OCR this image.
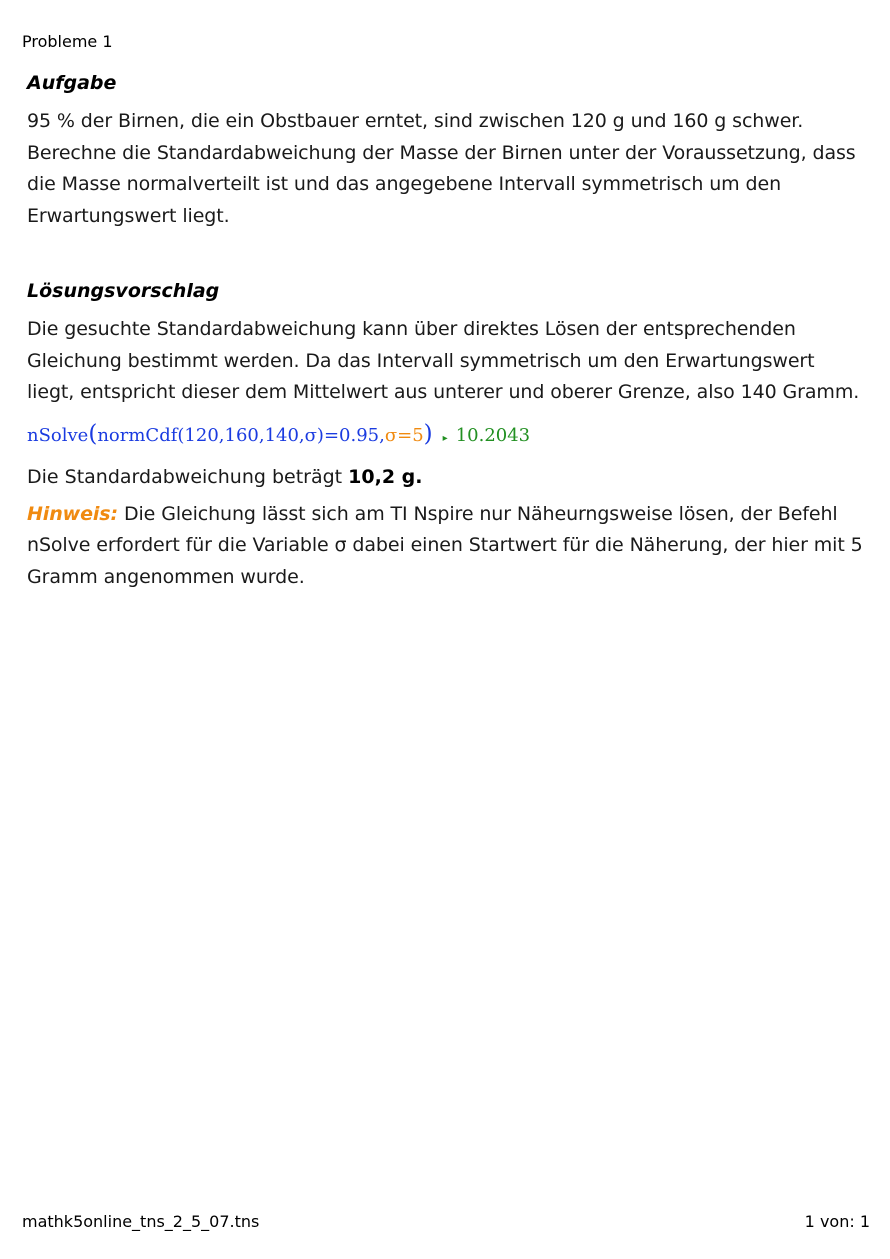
Probleme 1
Aufgabe

95 % der Birnen, die ein Obstbauer erntet, sind zwischen 120 g und 160 g schwer. Berechne die Standardabweichung der Masse der Birnen unter der Voraussetzung, dass die Masse normalverteilt ist und das angegebene Intervall symmetrisch um den Erwartungswert liegt.

Lösungsvorschlag

Die gesuchte Standardabweichung kann über direktes Lösen der entsprechenden Gleichung bestimmt werden. Da das Intervall symmetrisch um den Erwartungswert liegt, entspricht dieser dem Mittelwert aus unterer und oberer Grenze, also 140 Gramm.

nSolve(normCdf(120,160,140,σ)=0.95,σ=5) ▸ 10.2043

Die Standardabweichung beträgt 10,2 g.

Hinweis: Die Gleichung lässt sich am TI Nspire nur Näheurngsweise lösen, der Befehl nSolve erfordert für die Variable σ dabei einen Startwert für die Näherung, der hier mit 5 Gramm angenommen wurde.

mathk5online_tns_2_5_07.tns	1 von: 1
